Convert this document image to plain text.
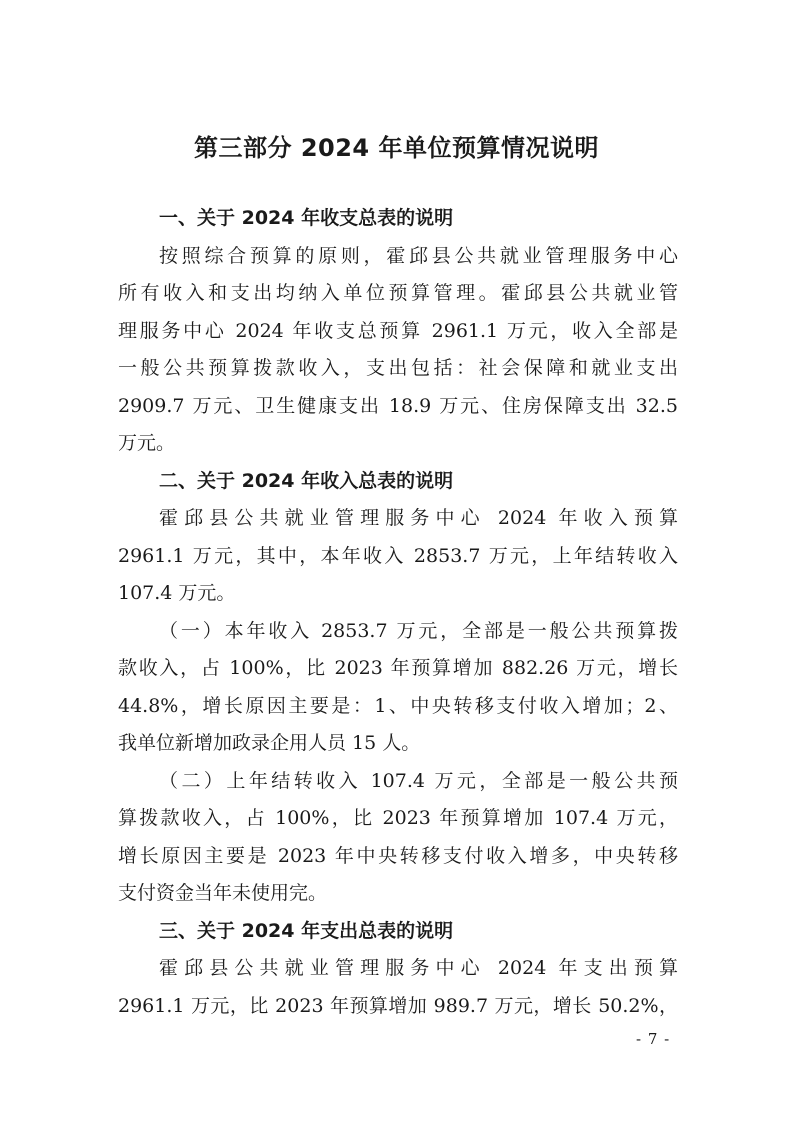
第三部分 2024 年单位预算情况说明
一、关于 2024 年收支总表的说明
按照综合预算的原则，霍邱县公共就业管理服务中心
所有收入和支出均纳入单位预算管理。霍邱县公共就业管
理服务中心 2024 年收支总预算 2961.1 万元，收入全部是
一般公共预算拨款收入，支出包括：社会保障和就业支出
2909.7 万元、卫生健康支出 18.9 万元、住房保障支出 32.5
万元。
二、关于 2024 年收入总表的说明
霍邱县公共就业管理服务中心 2024 年收入预算
2961.1 万元，其中，本年收入 2853.7 万元，上年结转收入
107.4 万元。
（一）本年收入 2853.7 万元，全部是一般公共预算拨
款收入，占 100%，比 2023 年预算增加 882.26 万元，增长
44.8%，增长原因主要是：1、中央转移支付收入增加；2、
我单位新增加政录企用人员 15 人。
（二）上年结转收入 107.4 万元，全部是一般公共预
算拨款收入，占 100%，比 2023 年预算增加 107.4 万元，
增长原因主要是 2023 年中央转移支付收入增多，中央转移
支付资金当年未使用完。
三、关于 2024 年支出总表的说明
霍邱县公共就业管理服务中心 2024 年支出预算
2961.1 万元，比 2023 年预算增加 989.7 万元，增长 50.2%，
- 7 -
